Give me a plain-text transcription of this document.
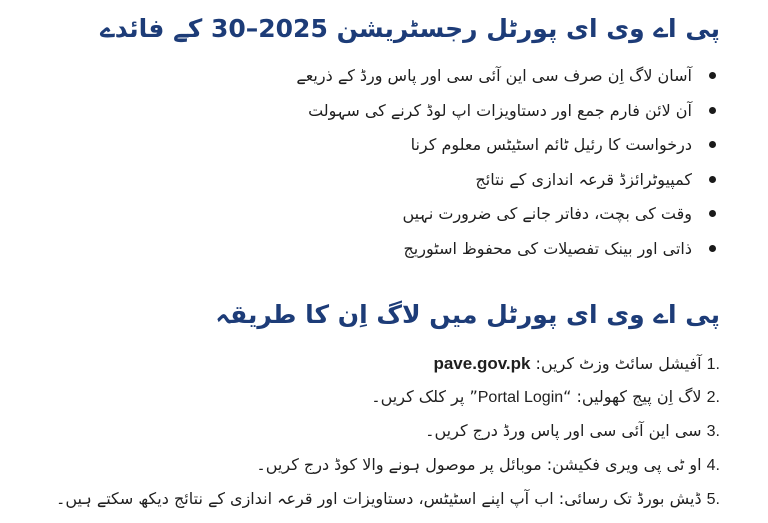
پی اے وی ای پورٹل رجسٹریشن 2025–30 کے فائدے
آسان لاگ اِن صرف سی این آئی سی اور پاس ورڈ کے ذریعے
آن لائن فارم جمع اور دستاویزات اپ لوڈ کرنے کی سہولت
درخواست کا رئیل ٹائم اسٹیٹس معلوم کرنا
کمپیوٹرائزڈ قرعہ اندازی کے نتائج
وقت کی بچت، دفاتر جانے کی ضرورت نہیں
ذاتی اور بینک تفصیلات کی محفوظ اسٹوریج
پی اے وی ای پورٹل میں لاگ اِن کا طریقہ
1. آفیشل سائٹ وزٹ کریں: pave.gov.pk
2. لاگ اِن پیج کھولیں: “Portal Login” پر کلک کریں۔
3. سی این آئی سی اور پاس ورڈ درج کریں۔
4. او ٹی پی ویری فکیشن: موبائل پر موصول ہونے والا کوڈ درج کریں۔
5. ڈیش بورڈ تک رسائی: اب آپ اپنے اسٹیٹس، دستاویزات اور قرعہ اندازی کے نتائج دیکھ سکتے ہیں۔
